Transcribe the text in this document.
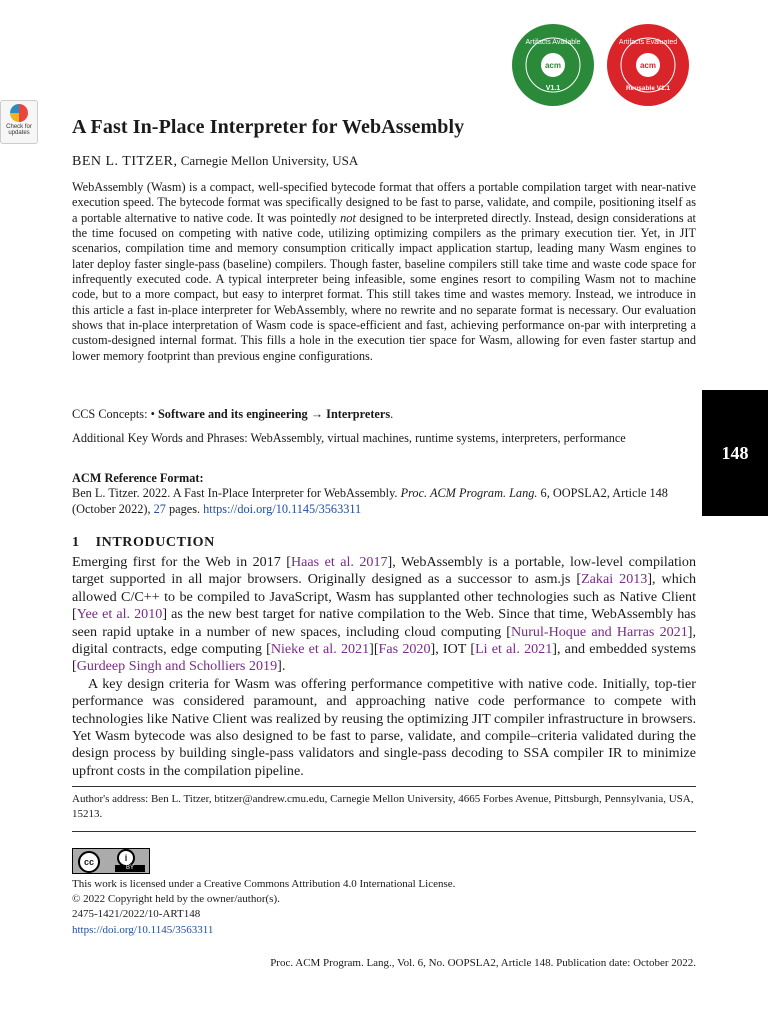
Check for
updates
acm
Artifacts Available
V1.1
acm
Artifacts Evaluated
Reusable V1.1
A Fast In-Place Interpreter for WebAssembly
BEN L. TITZER, Carnegie Mellon University, USA
WebAssembly (Wasm) is a compact, well-specified bytecode format that offers a portable compilation target with near-native execution speed. The bytecode format was specifically designed to be fast to parse, validate, and compile, positioning itself as a portable alternative to native code. It was pointedly not designed to be interpreted directly. Instead, design considerations at the time focused on competing with native code, utilizing optimizing compilers as the primary execution tier. Yet, in JIT scenarios, compilation time and memory consumption critically impact application startup, leading many Wasm engines to later deploy faster single-pass (baseline) compilers. Though faster, baseline compilers still take time and waste code space for infrequently executed code. A typical interpreter being infeasible, some engines resort to compiling Wasm not to machine code, but to a more compact, but easy to interpret format. This still takes time and wastes memory. Instead, we introduce in this article a fast in-place interpreter for WebAssembly, where no rewrite and no separate format is necessary. Our evaluation shows that in-place interpretation of Wasm code is space-efficient and fast, achieving performance on-par with interpreting a custom-designed internal format. This fills a hole in the execution tier space for Wasm, allowing for even faster startup and lower memory footprint than previous engine configurations.
CCS Concepts: • Software and its engineering → Interpreters.
Additional Key Words and Phrases: WebAssembly, virtual machines, runtime systems, interpreters, performance
ACM Reference Format:
Ben L. Titzer. 2022. A Fast In-Place Interpreter for WebAssembly. Proc. ACM Program. Lang. 6, OOPSLA2, Article 148 (October 2022), 27 pages. https://doi.org/10.1145/3563311
148
1 INTRODUCTION

Emerging first for the Web in 2017 [Haas et al. 2017], WebAssembly is a portable, low-level compilation target supported in all major browsers. Originally designed as a successor to asm.js [Zakai 2013], which allowed C/C++ to be compiled to JavaScript, Wasm has supplanted other technologies such as Native Client [Yee et al. 2010] as the new best target for native compilation to the Web. Since that time, WebAssembly has seen rapid uptake in a number of new spaces, including cloud computing [Nurul-Hoque and Harras 2021], digital contracts, edge computing [Nieke et al. 2021][Fas 2020], IOT [Li et al. 2021], and embedded systems [Gurdeep Singh and Scholliers 2019].

A key design criteria for Wasm was offering performance competitive with native code. Initially, top-tier performance was considered paramount, and approaching native code performance to compete with technologies like Native Client was realized by reusing the optimizing JIT compiler infrastructure in browsers. Yet Wasm bytecode was also designed to be fast to parse, validate, and compile–criteria validated during the design process by building single-pass validators and single-pass decoding to SSA compiler IR to minimize upfront costs in the compilation pipeline.

Author's address: Ben L. Titzer, btitzer@andrew.cmu.edu, Carnegie Mellon University, 4665 Forbes Avenue, Pittsburgh, Pennsylvania, USA, 15213.
cc	i
BY
This work is licensed under a Creative Commons Attribution 4.0 International License.
© 2022 Copyright held by the owner/author(s).
2475-1421/2022/10-ART148
https://doi.org/10.1145/3563311
Proc. ACM Program. Lang., Vol. 6, No. OOPSLA2, Article 148. Publication date: October 2022.
